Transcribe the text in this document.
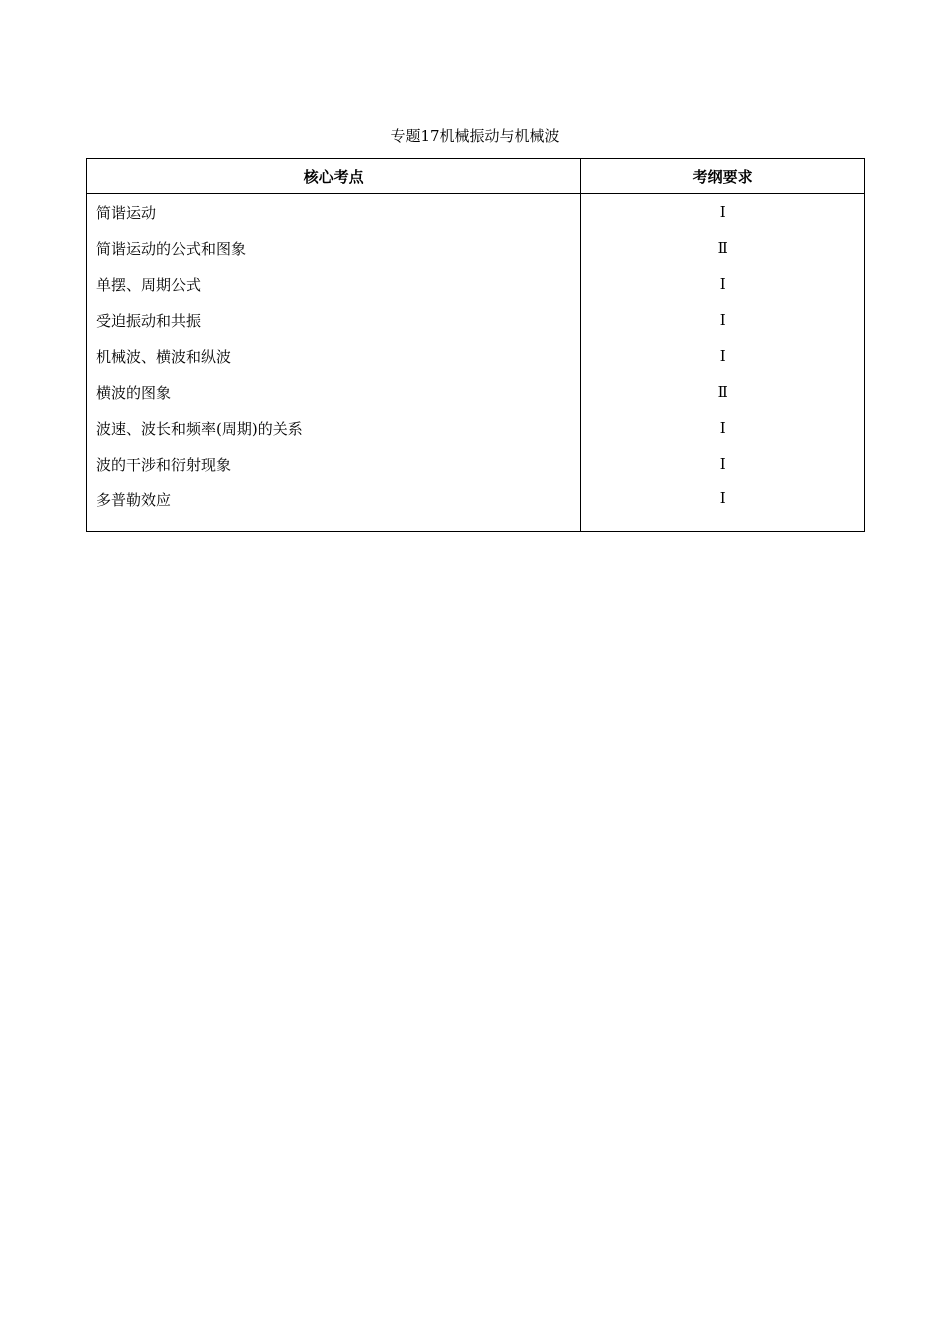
专题17机械振动与机械波
核心考点	考纲要求
简谐运动	Ⅰ
简谐运动的公式和图象	Ⅱ
单摆、周期公式	Ⅰ
受迫振动和共振	Ⅰ
机械波、横波和纵波	Ⅰ
横波的图象	Ⅱ
波速、波长和频率(周期)的关系	Ⅰ
波的干涉和衍射现象	Ⅰ
多普勒效应	Ⅰ
